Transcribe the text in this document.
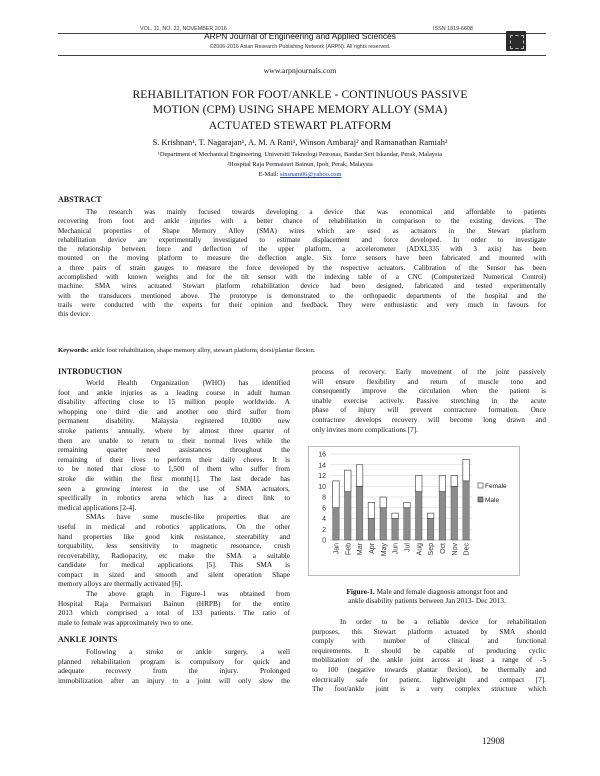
VOL. 11, NO. 22, NOVEMBER 2016	ISSN 1819-6608
ARPN Journal of Engineering and Applied Sciences
©2006-2016 Asian Research Publishing Network (ARPN). All rights reserved.
www.arpnjournals.com
REHABILITATION FOR FOOT/ANKLE - CONTINUOUS PASSIVE
MOTION (CPM) USING SHAPE MEMORY ALLOY (SMA)
ACTUATED STEWART PLATFORM
S. Krishnan¹, T. Nagarajan¹, A. M. A Rani¹, Winson Ambaraj² and Ramanathan Ramiah²
¹Department of Mechanical Engineering, Universiti Teknologi Petronas, Bandar Seri Iskandar, Perak, Malaysia
²Hospital Raja Permaisuri Bainun, Ipoh, Perak, Malaysia
E-Mail: sinsnam06@yahoo.com
ABSTRACT
The research was mainly focused towards developing a device that was economical and affordable to patients
recovering from foot and ankle injuries with a better chance of rehabilitation in comparison to the existing devices. The
Mechanical properties of Shape Memory Alloy (SMA) wires which are used as actuators in the Stewart platform
rehabilitation device are experimentally investigated to estimate displacement and force developed. In order to investigate
the relationship between force and deflection of the upper platform, a accelerometer (ADXL335 with 3 axis) has been
mounted on the moving platform to measure the deflection angle. Six force sensors have been fabricated and mounted with
a three pairs of strain gauges to measure the force developed by the respective actuators. Calibration of the Sensor has been
accomplished with known weights and for the tilt sensor with the indexing table of a CNC (Computerized Numerical Control)
machine. SMA wires actuated Stewart platform rehabilitation device had been designed, fabricated and tested experimentally
with the transducers mentioned above. The prototype is demonstrated to the orthopaedic departments of the hospital and the
trails were conducted with the experts for their opinion and feedback. They were enthusiastic and very much in favours for
this device.
Keywords: ankle foot rehabilitation, shape memory alloy, stewart platform, dorsi/plantar flexion.
INTRODUCTION
World Health Organization (WHO) has identified
foot and ankle injuries as a leading course in adult human
disability affecting close to 15 million people worldwide. A
whopping one third die and another one third suffer from
permanent disability. Malaysia registered 10,000 new
stroke patients annually, where by almost three quarter of
them are unable to return to their normal lives while the
remaining quarter need assistances throughout the
remaining of their lives to perform their daily chores. It is
to be noted that close to 1,500 of them who suffer from
stroke die within the first month[1]. The last decade has
seen a growing interest in the use of SMA actuators,
specifically in robotics arena which has a direct link to
medical applications [2-4].
SMAs have some muscle-like properties that are
useful in medical and robotics applications. On the other
hand properties like good kink resistance, steerability and
torquability, less sensitivity to magnetic resonance, crush
recoverability, Radiopacity, etc make the SMA a suitable
candidate for medical applications [5]. This SMA is
compact in sized and smooth and silent operation Shape
memory alloys are thermally activated [6].
The above graph in Figure-1 was obtained from
Hospital Raja Permaisuri Bainun (HRPB) for the entire
2013 which comprised a total of 133 patients. The ratio of
male to female was approximately two to one.
ANKLE JOINTS
Following a stroke or ankle surgery, a well
planned rehabilitation program is compulsory for quick and
adequate recovery from the injury. Prolonged
immobilization after an injury to a joint will only slow the
process of recovery. Early movement of the joint passively
will ensure flexibility and return of muscle tone and
consequently improve the circulation when the patient is
unable exercise actively. Passive stretching in the acute
phase of injury will prevent contracture formation. Once
contracture develops recovery will become long drawn and
only invites more complications [7].
0
2
4
6
8
10
12
14
16
Jan Feb Mar Apr May Jun Jul Aug Sep Oct Nov Dec
Female
Male
Figure-1. Male and female diagnosis amongst foot and
ankle disability patients between Jan 2013- Dec 2013.
In order to be a reliable device for rehabilitation
purposes, this Stewart platform actuated by SMA should
comply with number of clinical and functional
requirements. It should be capable of producing cyclic
mobilization of the ankle joint across at least a range of -5
to 100 (negative towards plantar flexion), be thermally and
electrically safe for patient, lightweight and compact [7].
The foot/ankle joint is a very complex structure which
12908
